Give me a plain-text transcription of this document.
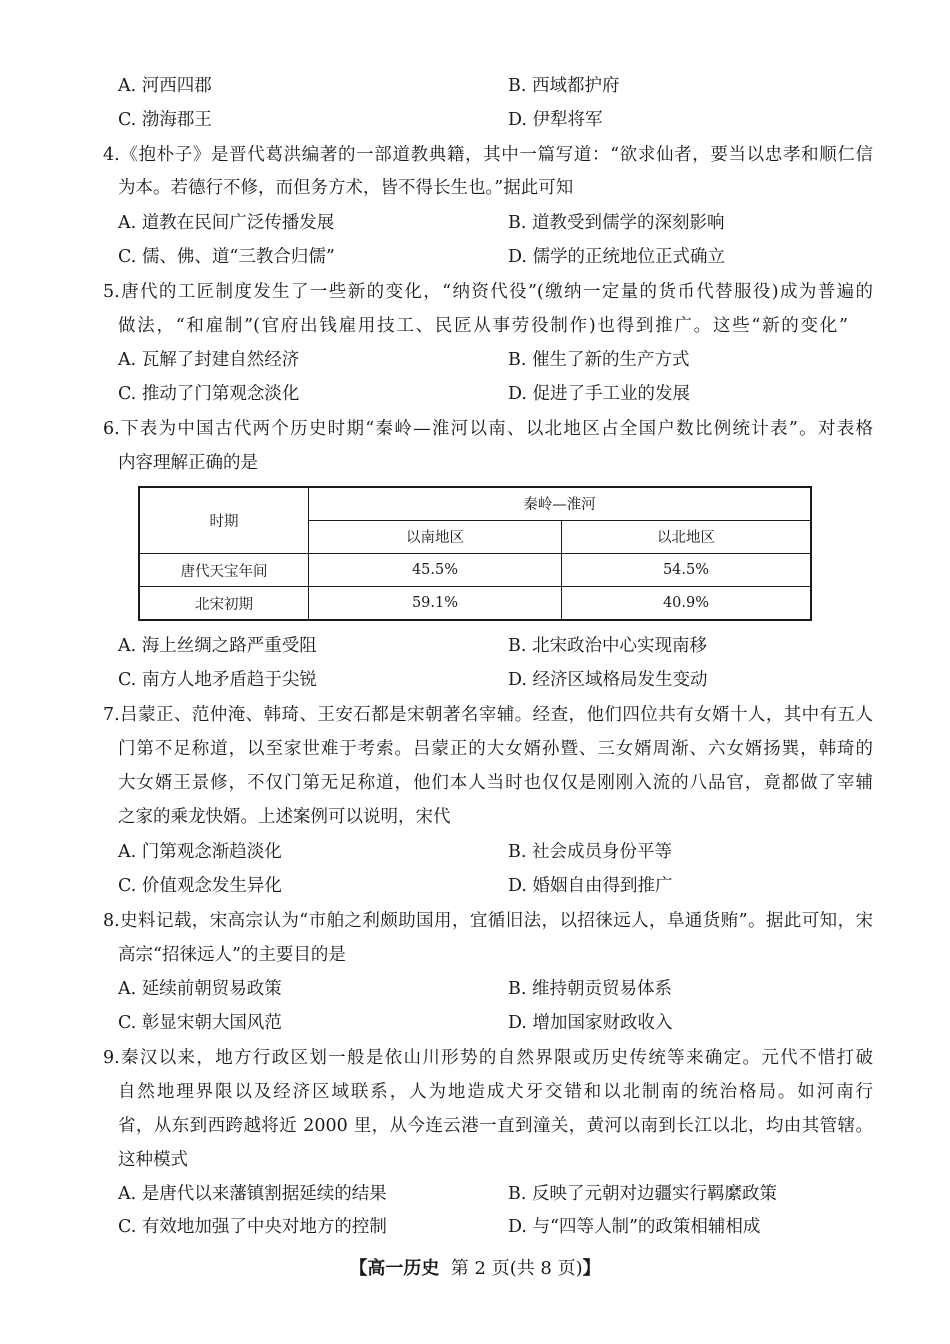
A. 河西四郡	B. 西域都护府
C. 渤海郡王	D. 伊犁将军
4.《抱朴子》是晋代葛洪编著的一部道教典籍，其中一篇写道：“欲求仙者，要当以忠孝和顺仁信
为本。若德行不修，而但务方术，皆不得长生也。”据此可知
A. 道教在民间广泛传播发展	B. 道教受到儒学的深刻影响
C. 儒、佛、道“三教合归儒”	D. 儒学的正统地位正式确立
5.唐代的工匠制度发生了一些新的变化，“纳资代役”(缴纳一定量的货币代替服役)成为普遍的
做法，“和雇制”(官府出钱雇用技工、民匠从事劳役制作)也得到推广。这些“新的变化”
A. 瓦解了封建自然经济	B. 催生了新的生产方式
C. 推动了门第观念淡化	D. 促进了手工业的发展
6.下表为中国古代两个历史时期“秦岭—淮河以南、以北地区占全国户数比例统计表”。对表格
内容理解正确的是
时期	秦岭—淮河	
	以南地区	以北地区
唐代天宝年间	45.5%	54.5%
北宋初期	59.1%	40.9%
A. 海上丝绸之路严重受阻	B. 北宋政治中心实现南移
C. 南方人地矛盾趋于尖锐	D. 经济区域格局发生变动
7.吕蒙正、范仲淹、韩琦、王安石都是宋朝著名宰辅。经查，他们四位共有女婿十人，其中有五人
门第不足称道，以至家世难于考索。吕蒙正的大女婿孙暨、三女婿周渐、六女婿扬巽，韩琦的
大女婿王景修，不仅门第无足称道，他们本人当时也仅仅是刚刚入流的八品官，竟都做了宰辅
之家的乘龙快婿。上述案例可以说明，宋代
A. 门第观念渐趋淡化	B. 社会成员身份平等
C. 价值观念发生异化	D. 婚姻自由得到推广
8.史料记载，宋高宗认为“市舶之利颇助国用，宜循旧法，以招徕远人，阜通货贿”。据此可知，宋
高宗“招徕远人”的主要目的是
A. 延续前朝贸易政策	B. 维持朝贡贸易体系
C. 彰显宋朝大国风范	D. 增加国家财政收入
9.秦汉以来，地方行政区划一般是依山川形势的自然界限或历史传统等来确定。元代不惜打破
自然地理界限以及经济区域联系，人为地造成犬牙交错和以北制南的统治格局。如河南行
省，从东到西跨越将近 2000 里，从今连云港一直到潼关，黄河以南到长江以北，均由其管辖。
这种模式
A. 是唐代以来藩镇割据延续的结果	B. 反映了元朝对边疆实行羁縻政策
C. 有效地加强了中央对地方的控制	D. 与“四等人制”的政策相辅相成
【高一历史 第 2 页(共 8 页)】
